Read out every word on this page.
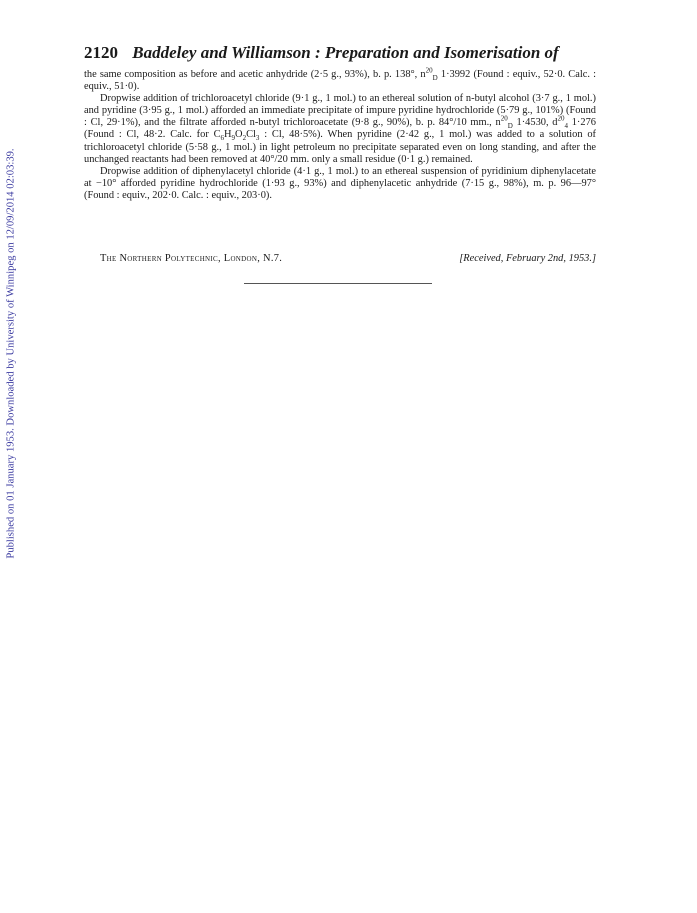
Published on 01 January 1953. Downloaded by University of Winnipeg on 12/09/2014 02:03:39.
2120 Baddeley and Williamson : Preparation and Isomerisation of

the same composition as before and acetic anhydride (2·5 g., 93%), b. p. 138°, $n^{20}_D$ 1·3992 (Found : equiv., 52·0. Calc. : equiv., 51·0).

Dropwise addition of trichloroacetyl chloride (9·1 g., 1 mol.) to an ethereal solution of n-butyl alcohol (3·7 g., 1 mol.) and pyridine (3·95 g., 1 mol.) afforded an immediate precipitate of impure pyridine hydrochloride (5·79 g., 101%) (Found : Cl, 29·1%), and the filtrate afforded n-butyl trichloroacetate (9·8 g., 90%), b. p. 84°/10 mm., $n^{20}_D$ 1·4530, $d^{20}_4$ 1·276 (Found : Cl, 48·2. Calc. for $C_6H_9O_2Cl_3$ : Cl, 48·5%). When pyridine (2·42 g., 1 mol.) was added to a solution of trichloroacetyl chloride (5·58 g., 1 mol.) in light petroleum no precipitate separated even on long standing, and after the unchanged reactants had been removed at 40°/20 mm. only a small residue (0·1 g.) remained.

Dropwise addition of diphenylacetyl chloride (4·1 g., 1 mol.) to an ethereal suspension of pyridinium diphenylacetate at −10° afforded pyridine hydrochloride (1·93 g., 93%) and diphenylacetic anhydride (7·15 g., 98%), m. p. 96—97° (Found : equiv., 202·0. Calc. : equiv., 203·0).

The Northern Polytechnic, London, N.7.	[Received, February 2nd, 1953.]
